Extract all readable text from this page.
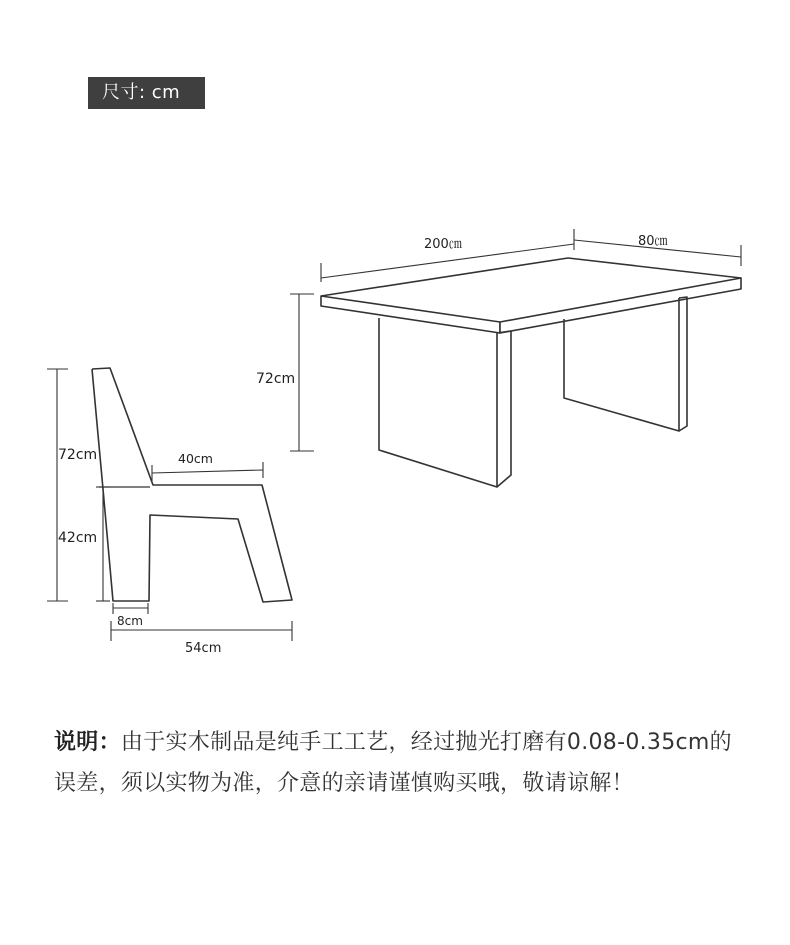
尺寸: cm
200㎝	80㎝
72cm
72cm
42cm
40cm
8cm
54cm
说明：由于实木制品是纯手工工艺，经过抛光打磨有0.08-0.35cm的误差，须以实物为准，介意的亲请谨慎购买哦，敬请谅解！
